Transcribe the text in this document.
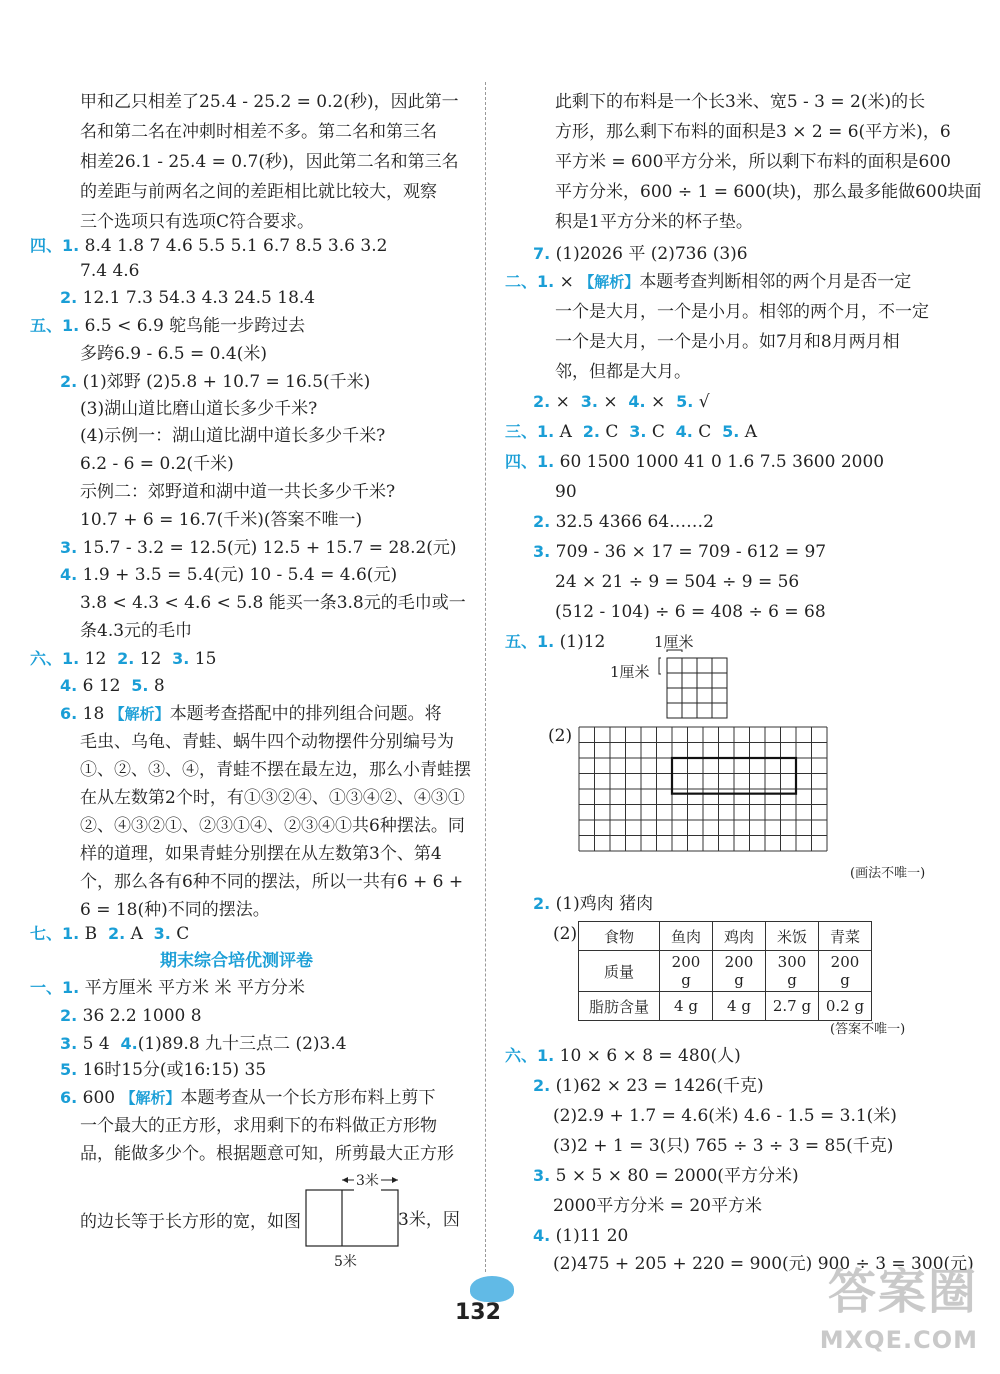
甲和乙只相差了25.4 - 25.2 = 0.2(秒)，因此第一
名和第二名在冲刺时相差不多。第二名和第三名
相差26.1 - 25.4 = 0.7(秒)，因此第二名和第三名
的差距与前两名之间的差距相比就比较大，观察
三个选项只有选项C符合要求。
四、1. 8.4 1.8 7 4.6 5.5 5.1 6.7 8.5 3.6 3.2
7.4 4.6
2. 12.1 7.3 54.3 4.3 24.5 18.4
五、1. 6.5 < 6.9 鸵鸟能一步跨过去
多跨6.9 - 6.5 = 0.4(米)
2. (1)郊野 (2)5.8 + 10.7 = 16.5(千米)
(3)湖山道比磨山道长多少千米?
(4)示例一：湖山道比湖中道长多少千米?
6.2 - 6 = 0.2(千米)
示例二：郊野道和湖中道一共长多少千米?
10.7 + 6 = 16.7(千米)(答案不唯一)
3. 15.7 - 3.2 = 12.5(元) 12.5 + 15.7 = 28.2(元)
4. 1.9 + 3.5 = 5.4(元) 10 - 5.4 = 4.6(元)
3.8 < 4.3 < 4.6 < 5.8 能买一条3.8元的毛巾或一
条4.3元的毛巾
六、1. 12 2. 12 3. 15
4. 6 12 5. 8
6. 18 【解析】本题考查搭配中的排列组合问题。将
毛虫、乌龟、青蛙、蜗牛四个动物摆件分别编号为
①、②、③、④，青蛙不摆在最左边，那么小青蛙摆
在从左数第2个时，有①③②④、①③④②、④③①
②、④③②①、②③①④、②③④①共6种摆法。同
样的道理，如果青蛙分别摆在从左数第3个、第4
个，那么各有6种不同的摆法，所以一共有6 + 6 +
6 = 18(种)不同的摆法。
七、1. B 2. A 3. C
期末综合培优测评卷
一、1. 平方厘米 平方米 米 平方分米
2. 36 2.2 1000 8
3. 5 4 4.(1)89.8 九十三点二 (2)3.4
5. 16时15分(或16:15) 35
6. 600 【解析】本题考查从一个长方形布料上剪下
一个最大的正方形，求用剩下的布料做正方形物
品，能做多少个。根据题意可知，所剪最大正方形
的边长等于长方形的宽，如图
3米
3米，因
5米
此剩下的布料是一个长3米、宽5 - 3 = 2(米)的长
方形，那么剩下布料的面积是3 × 2 = 6(平方米)，6
平方米 = 600平方分米，所以剩下布料的面积是600
平方分米，600 ÷ 1 = 600(块)，那么最多能做600块面
积是1平方分米的杯子垫。
7. (1)2026 平 (2)736 (3)6
二、1. × 【解析】本题考查判断相邻的两个月是否一定
一个是大月，一个是小月。相邻的两个月，不一定
一个是大月，一个是小月。如7月和8月两月相
邻，但都是大月。
2. × 3. × 4. × 5. √
三、1. A 2. C 3. C 4. C 5. A
四、1. 60 1500 1000 41 0 1.6 7.5 3600 2000
90
2. 32.5 4366 64……2
3. 709 - 36 × 17 = 709 - 612 = 97
24 × 21 ÷ 9 = 504 ÷ 9 = 56
(512 - 104) ÷ 6 = 408 ÷ 6 = 68
五、1. (1)12	1厘米
1厘米
(2)
(画法不唯一)
2. (1)鸡肉 猪肉
(2) 食物	鱼肉	鸡肉	米饭	青菜
质量	200 g	200 g	300 g	200 g
脂肪含量	4 g	4 g	2.7 g	0.2 g
(答案不唯一)
六、1. 10 × 6 × 8 = 480(人)
2. (1)62 × 23 = 1426(千克)
(2)2.9 + 1.7 = 4.6(米) 4.6 - 1.5 = 3.1(米)
(3)2 + 1 = 3(只) 765 ÷ 3 ÷ 3 = 85(千克)
3. 5 × 5 × 80 = 2000(平方分米)
2000平方分米 = 20平方米
4. (1)11 20
(2)475 + 205 + 220 = 900(元) 900 ÷ 3 = 300(元)
132	答案圈
MXQE.COM
